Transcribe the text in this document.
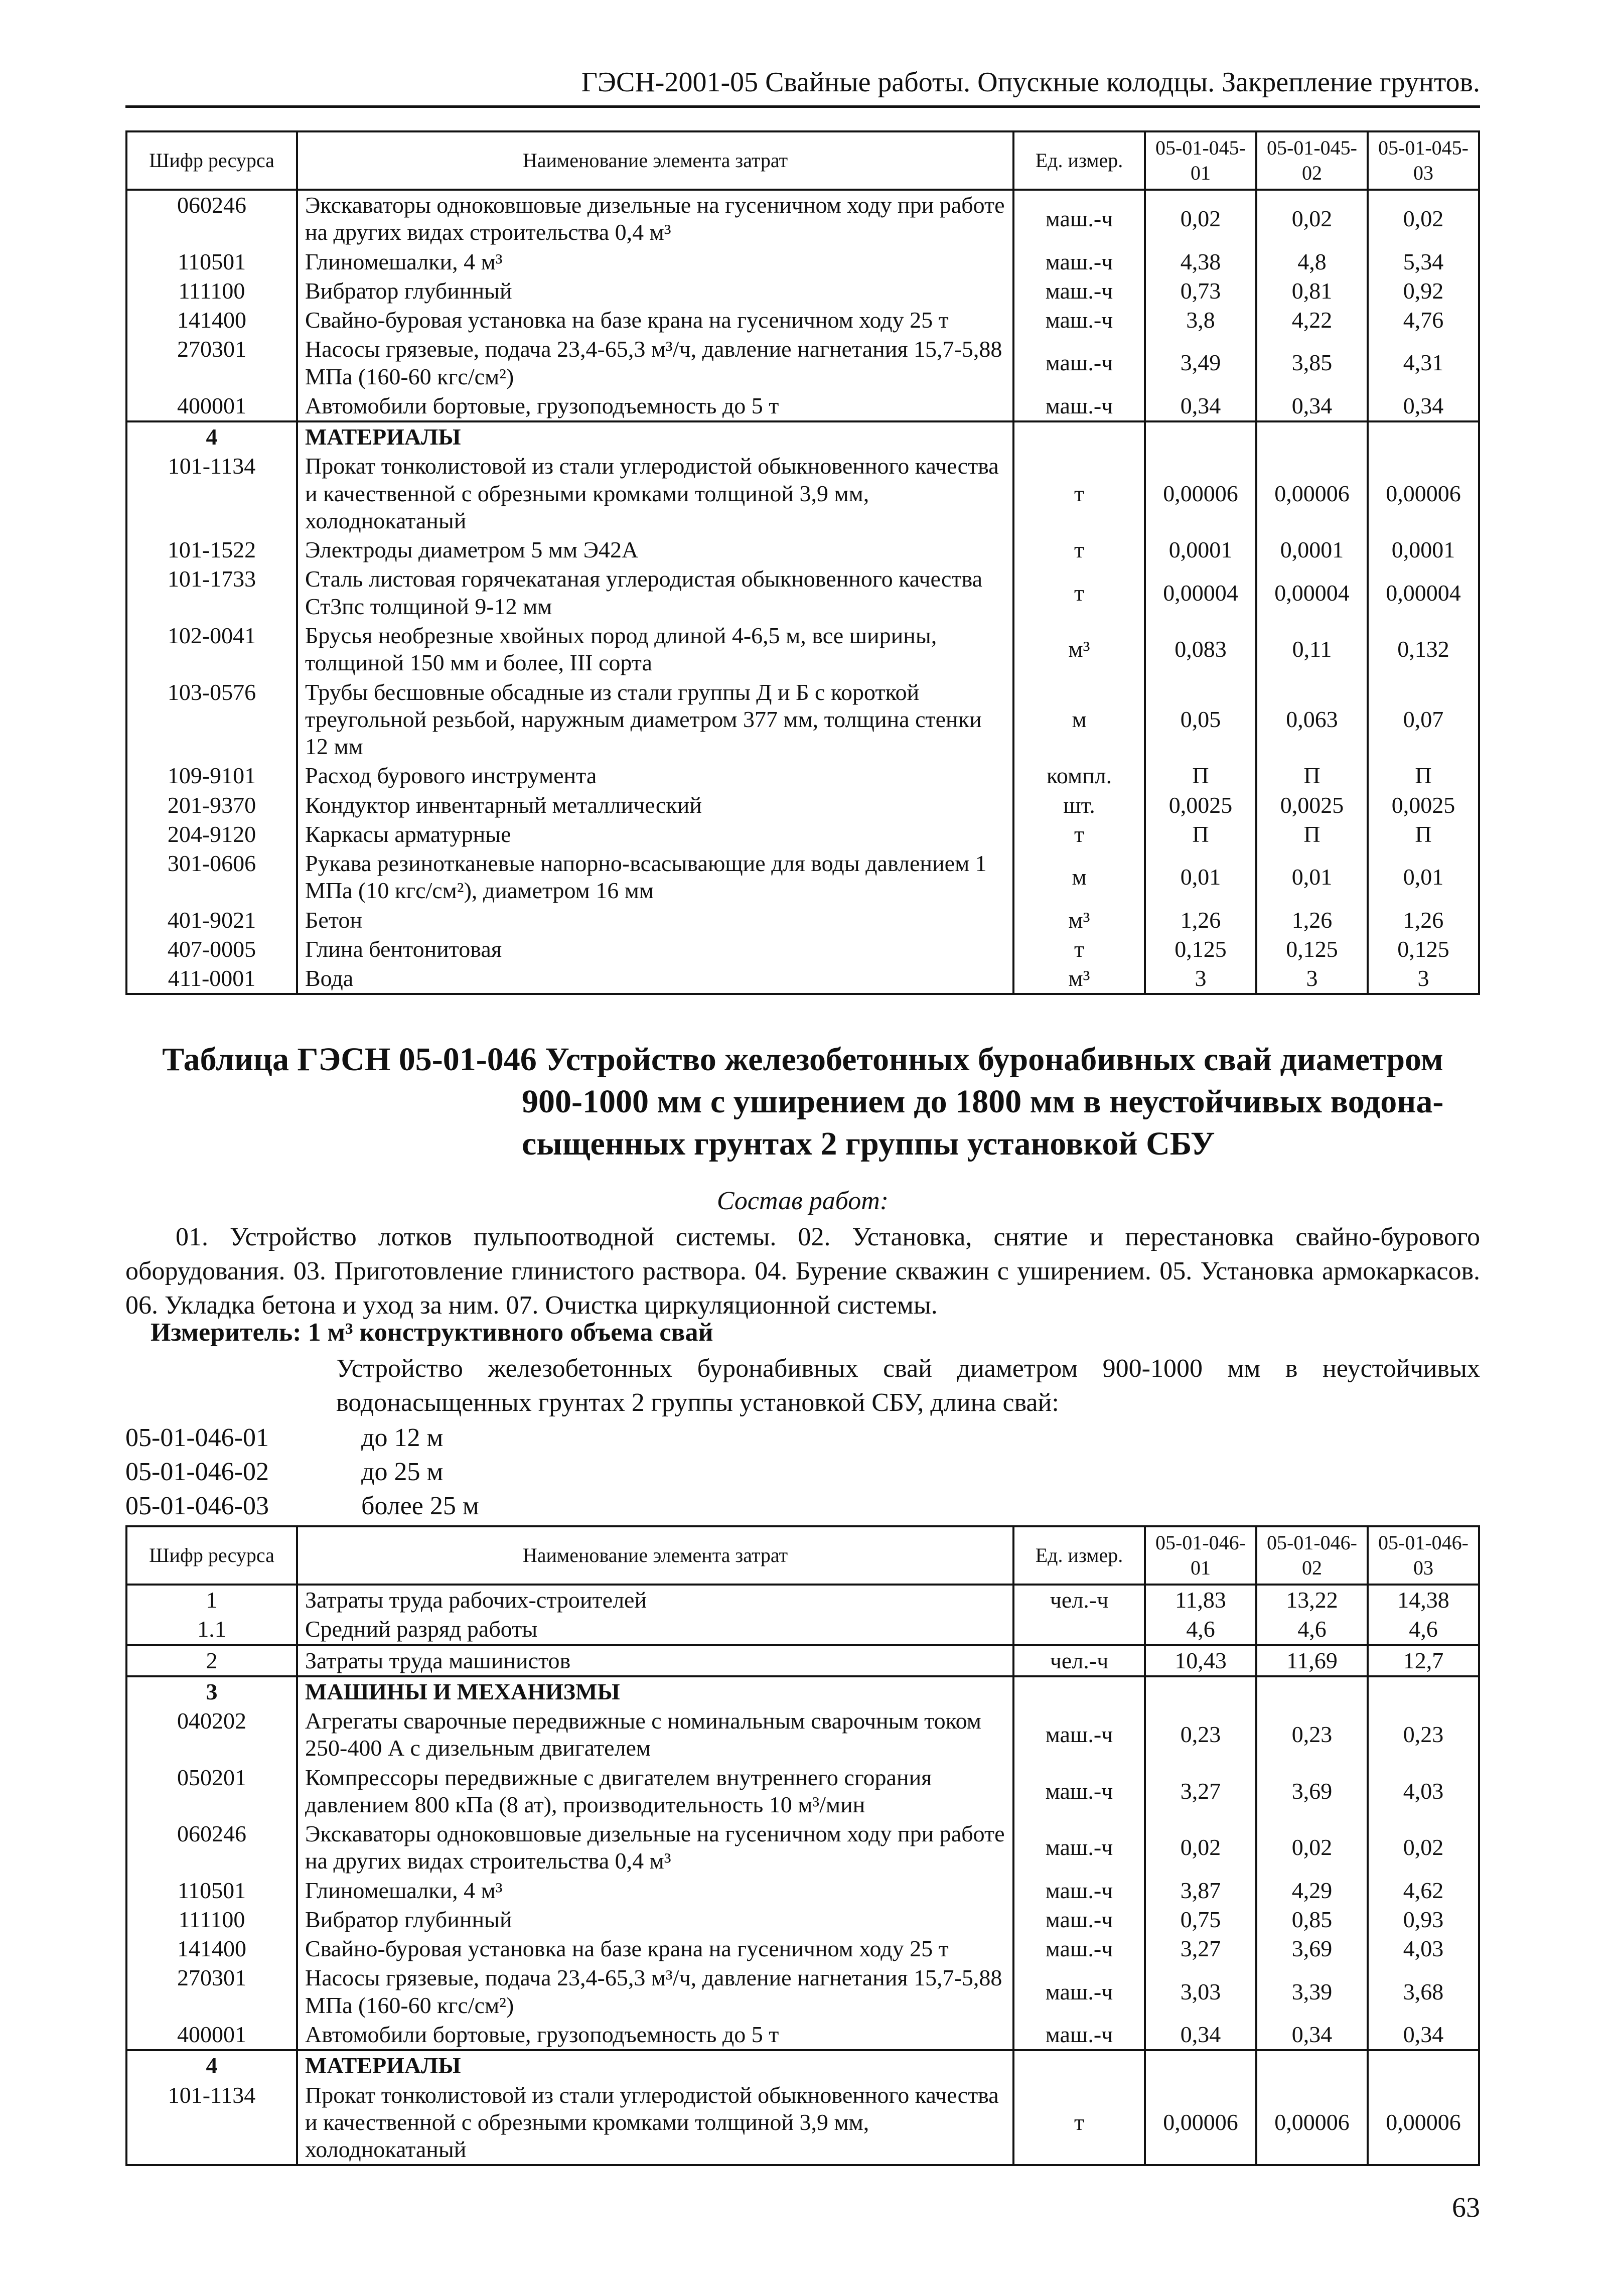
ГЭСН-2001-05 Свайные работы. Опускные колодцы. Закрепление грунтов.
Шифр ресурса	Наименование элемента затрат	Ед. измер.	05-01-045-01	05-01-045-02	05-01-045-03
060246	Экскаваторы одноковшовые дизельные на гусеничном ходу при работе на других видах строительства 0,4 м³	маш.-ч	0,02	0,02	0,02
110501	Глиномешалки, 4 м³	маш.-ч	4,38	4,8	5,34
111100	Вибратор глубинный	маш.-ч	0,73	0,81	0,92
141400	Свайно-буровая установка на базе крана на гусеничном ходу 25 т	маш.-ч	3,8	4,22	4,76
270301	Насосы грязевые, подача 23,4-65,3 м³/ч, давление нагнетания 15,7-5,88 МПа (160-60 кгс/см²)	маш.-ч	3,49	3,85	4,31
400001	Автомобили бортовые, грузоподъемность до 5 т	маш.-ч	0,34	0,34	0,34
4	МАТЕРИАЛЫ				
101-1134	Прокат тонколистовой из стали углеродистой обыкновенного качества и качественной с обрезными кромками толщиной 3,9 мм, холоднокатаный	т	0,00006	0,00006	0,00006
101-1522	Электроды диаметром 5 мм Э42А	т	0,0001	0,0001	0,0001
101-1733	Сталь листовая горячекатаная углеродистая обыкновенного качества Ст3пс толщиной 9-12 мм	т	0,00004	0,00004	0,00004
102-0041	Брусья необрезные хвойных пород длиной 4-6,5 м, все ширины, толщиной 150 мм и более, III сорта	м³	0,083	0,11	0,132
103-0576	Трубы бесшовные обсадные из стали группы Д и Б с короткой треугольной резьбой, наружным диаметром 377 мм, толщина стенки 12 мм	м	0,05	0,063	0,07
109-9101	Расход бурового инструмента	компл.	П	П	П
201-9370	Кондуктор инвентарный металлический	шт.	0,0025	0,0025	0,0025
204-9120	Каркасы арматурные	т	П	П	П
301-0606	Рукава резинотканевые напорно-всасывающие для воды давлением 1 МПа (10 кгс/см²), диаметром 16 мм	м	0,01	0,01	0,01
401-9021	Бетон	м³	1,26	1,26	1,26
407-0005	Глина бентонитовая	т	0,125	0,125	0,125
411-0001	Вода	м³	3	3	3
Таблица ГЭСН 05-01-046 Устройство железобетонных буронабивных свай диаметром
900-1000 мм с уширением до 1800 мм в неустойчивых водона-
сыщенных грунтах 2 группы установкой СБУ
Состав работ:
01. Устройство лотков пульпоотводной системы. 02. Установка, снятие и перестановка свайно-бурового оборудования. 03. Приготовление глинистого раствора. 04. Бурение скважин с уширением. 05. Установка армокаркасов. 06. Укладка бетона и уход за ним. 07. Очистка циркуляционной системы.
Измеритель: 1 м³ конструктивного объема свай
Устройство железобетонных буронабивных свай диаметром 900-1000 мм в неустойчивых водонасыщенных грунтах 2 группы установкой СБУ, длина свай:
05-01-046-01	до 12 м
05-01-046-02	до 25 м
05-01-046-03	более 25 м
Шифр ресурса	Наименование элемента затрат	Ед. измер.	05-01-046-01	05-01-046-02	05-01-046-03
1	Затраты труда рабочих-строителей	чел.-ч	11,83	13,22	14,38
1.1	Средний разряд работы		4,6	4,6	4,6
2	Затраты труда машинистов	чел.-ч	10,43	11,69	12,7
3	МАШИНЫ И МЕХАНИЗМЫ				
040202	Агрегаты сварочные передвижные с номинальным сварочным током 250-400 А с дизельным двигателем	маш.-ч	0,23	0,23	0,23
050201	Компрессоры передвижные с двигателем внутреннего сгорания давлением 800 кПа (8 ат), производительность 10 м³/мин	маш.-ч	3,27	3,69	4,03
060246	Экскаваторы одноковшовые дизельные на гусеничном ходу при работе на других видах строительства 0,4 м³	маш.-ч	0,02	0,02	0,02
110501	Глиномешалки, 4 м³	маш.-ч	3,87	4,29	4,62
111100	Вибратор глубинный	маш.-ч	0,75	0,85	0,93
141400	Свайно-буровая установка на базе крана на гусеничном ходу 25 т	маш.-ч	3,27	3,69	4,03
270301	Насосы грязевые, подача 23,4-65,3 м³/ч, давление нагнетания 15,7-5,88 МПа (160-60 кгс/см²)	маш.-ч	3,03	3,39	3,68
400001	Автомобили бортовые, грузоподъемность до 5 т	маш.-ч	0,34	0,34	0,34
4	МАТЕРИАЛЫ				
101-1134	Прокат тонколистовой из стали углеродистой обыкновенного качества и качественной с обрезными кромками толщиной 3,9 мм, холоднокатаный	т	0,00006	0,00006	0,00006
63
